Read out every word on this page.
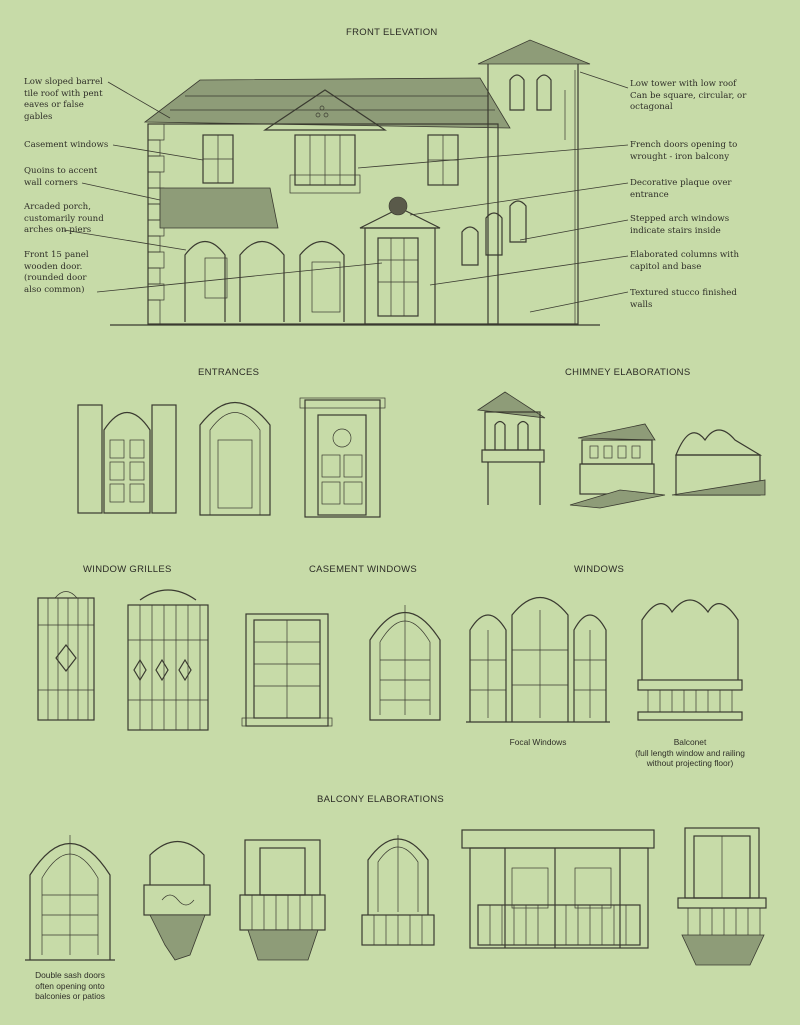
FRONT ELEVATION
ENTRANCES	CHIMNEY ELABORATIONS
WINDOW GRILLES	CASEMENT WINDOWS	WINDOWS
BALCONY ELABORATIONS
Low sloped barrel
tile roof with pent
eaves or false
gables
Casement windows
Quoins to accent
wall corners
Arcaded porch,
customarily round
arches on piers
Front 15 panel
wooden door.
(rounded door
also common)
Low tower with low roof
Can be square, circular, or
octagonal
French doors opening to
wrought - iron balcony
Decorative plaque over
entrance
Stepped arch windows
indicate stairs inside
Elaborated columns with
capitol and base
Textured stucco finished
walls
Focal Windows	Balconet
(full length window and railing
without projecting floor)
Double sash doors
often opening onto
balconies or patios
